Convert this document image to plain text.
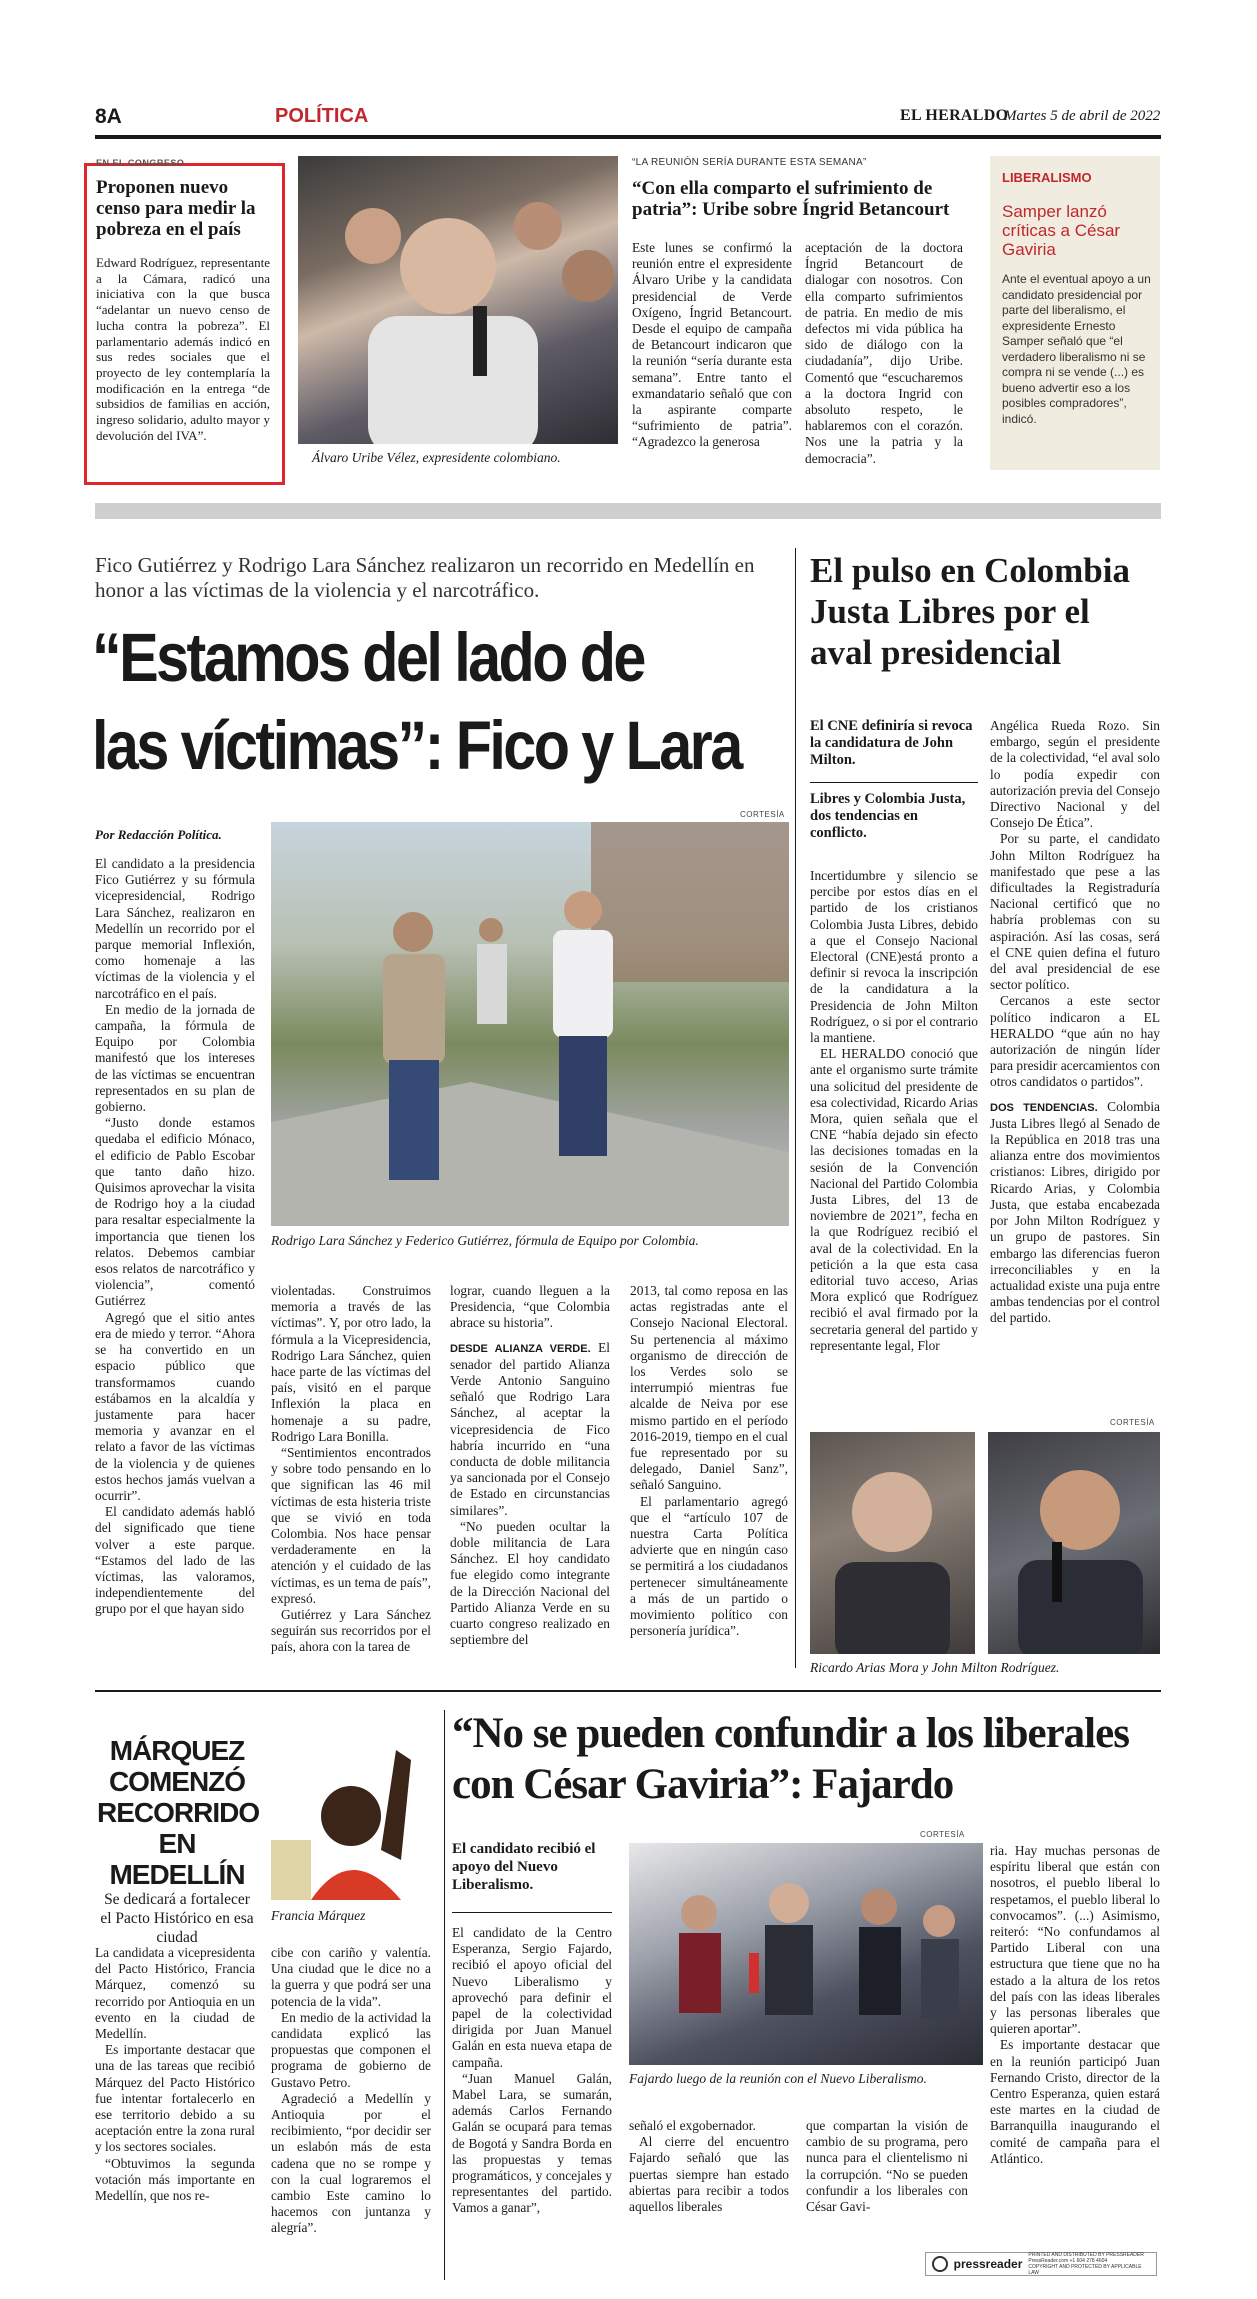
8A	POLÍTICA	EL HERALDO
Martes 5 de abril de 2022
EN EL CONGRESO
Proponen nuevo censo para medir la pobreza en el país
Edward Rodríguez, representante a la Cámara, radicó una iniciativa con la que busca “adelantar un nuevo censo de lucha contra la pobreza”. El parlamentario además indicó en sus redes sociales que el proyecto de ley contemplaría la modificación en la entrega “de subsidios de familias en acción, ingreso solidario, adulto mayor y devolución del IVA”.
Álvaro Uribe Vélez, expresidente colombiano.
“LA REUNIÓN SERÍA DURANTE ESTA SEMANA”
“Con ella comparto el sufrimiento de patria”: Uribe sobre Íngrid Betancourt
Este lunes se confirmó la reunión entre el expresidente Álvaro Uribe y la candidata presidencial de Verde Oxígeno, Íngrid Betancourt. Desde el equipo de campaña de Betancourt indicaron que la reunión “sería durante esta semana”. Entre tanto el exmandatario señaló que con la aspirante comparte “sufrimiento de patria”. “Agradezco la generosa
aceptación de la doctora Íngrid Betancourt de dialogar con nosotros. Con ella comparto sufrimientos de patria. En medio de mis defectos mi vida pública ha sido de diálogo con la ciudadanía”, dijo Uribe. Comentó que “escucharemos a la doctora Ingrid con absoluto respeto, le hablaremos con el corazón. Nos une la patria y la democracia”.
LIBERALISMO
Samper lanzó críticas a César Gaviria
Ante el eventual apoyo a un candidato presidencial por parte del liberalismo, el expresidente Ernesto Samper señaló que “el verdadero liberalismo ni se compra ni se vende (...) es bueno advertir eso a los posibles compradores”, indicó.
Fico Gutiérrez y Rodrigo Lara Sánchez realizaron un recorrido en Medellín en honor a las víctimas de la violencia y el narcotráfico.
“Estamos del lado de
las víctimas”: Fico y Lara
Por Redacción Política.
CORTESÍA
Rodrigo Lara Sánchez y Federico Gutiérrez, fórmula de Equipo por Colombia.

El candidato a la presidencia Fico Gutiérrez y su fórmula vicepresidencial, Rodrigo Lara Sánchez, realizaron en Medellín un recorrido por el parque memorial Inflexión, como homenaje a las víctimas de la violencia y el narcotráfico en el país.

En medio de la jornada de campaña, la fórmula de Equipo por Colombia manifestó que los intereses de las víctimas se encuentran representados en su plan de gobierno.

“Justo donde estamos quedaba el edificio Mónaco, el edificio de Pablo Escobar que tanto daño hizo. Quisimos aprovechar la visita de Rodrigo hoy a la ciudad para resaltar especialmente la importancia que tienen los relatos. Debemos cambiar esos relatos de narcotráfico y violencia”, comentó Gutiérrez

Agregó que el sitio antes era de miedo y terror. “Ahora se ha convertido en un espacio público que transformamos cuando estábamos en la alcaldía y justamente para hacer memoria y avanzar en el relato a favor de las víctimas de la violencia y de quienes estos hechos jamás vuelvan a ocurrir”.

El candidato además habló del significado que tiene volver a este parque. “Estamos del lado de las víctimas, las valoramos, independientemente del grupo por el que hayan sido

violentadas. Construimos memoria a través de las víctimas”. Y, por otro lado, la fórmula a la Vicepresidencia, Rodrigo Lara Sánchez, quien hace parte de las víctimas del país, visitó en el parque Inflexión la placa en homenaje a su padre, Rodrigo Lara Bonilla.

“Sentimientos encontrados y sobre todo pensando en lo que significan las 46 mil víctimas de esta histeria triste que se vivió en toda Colombia. Nos hace pensar verdaderamente en la atención y el cuidado de las víctimas, es un tema de país”, expresó.

Gutiérrez y Lara Sánchez seguirán sus recorridos por el país, ahora con la tarea de

lograr, cuando lleguen a la Presidencia, “que Colombia abrace su historia”.

DESDE ALIANZA VERDE. El senador del partido Alianza Verde Antonio Sanguino señaló que Rodrigo Lara Sánchez, al aceptar la vicepresidencia de Fico habría incurrido en “una conducta de doble militancia ya sancionada por el Consejo de Estado en circunstancias similares”.

“No pueden ocultar la doble militancia de Lara Sánchez. El hoy candidato fue elegido como integrante de la Dirección Nacional del Partido Alianza Verde en su cuarto congreso realizado en septiembre del

2013, tal como reposa en las actas registradas ante el Consejo Nacional Electoral. Su pertenencia al máximo organismo de dirección de los Verdes solo se interrumpió mientras fue alcalde de Neiva por ese mismo partido en el período 2016-2019, tiempo en el cual fue representado por su delegado, Daniel Sanz”, señaló Sanguino.

El parlamentario agregó que el “artículo 107 de nuestra Carta Política advierte que en ningún caso se permitirá a los ciudadanos pertenecer simultáneamente a más de un partido o movimiento político con personería jurídica”.

El pulso en Colombia Justa Libres por el aval presidencial
El CNE definiría si revoca la candidatura de John Milton.
Libres y Colombia Justa, dos tendencias en conflicto.

Incertidumbre y silencio se percibe por estos días en el partido de los cristianos Colombia Justa Libres, debido a que el Consejo Nacional Electoral (CNE)está pronto a definir si revoca la inscripción de la candidatura a la Presidencia de John Milton Rodríguez, o si por el contrario la mantiene.

EL HERALDO conoció que ante el organismo surte trámite una solicitud del presidente de esa colectividad, Ricardo Arias Mora, quien señala que el CNE “había dejado sin efecto las decisiones tomadas en la sesión de la Convención Nacional del Partido Colombia Justa Libres, del 13 de noviembre de 2021”, fecha en la que Rodríguez recibió el aval de la colectividad. En la petición a la que esta casa editorial tuvo acceso, Arias Mora explicó que Rodríguez recibió el aval firmado por la secretaria general del partido y representante legal, Flor

Angélica Rueda Rozo. Sin embargo, según el presidente de la colectividad, “el aval solo lo podía expedir con autorización previa del Consejo Directivo Nacional y del Consejo De Ética”.

Por su parte, el candidato John Milton Rodríguez ha manifestado que pese a las dificultades la Registraduría Nacional certificó que no habría problemas con su aspiración. Así las cosas, será el CNE quien defina el futuro del aval presidencial de ese sector político.

Cercanos a este sector político indicaron a EL HERALDO “que aún no hay autorización de ningún líder para presidir acercamientos con otros candidatos o partidos”.

DOS TENDENCIAS. Colombia Justa Libres llegó al Senado de la República en 2018 tras una alianza entre dos movimientos cristianos: Libres, dirigido por Ricardo Arias, y Colombia Justa, que estaba encabezada por John Milton Rodríguez y un grupo de pastores. Sin embargo las diferencias fueron irreconciliables y en la actualidad existe una puja entre ambas tendencias por el control del partido.

CORTESÍA
Ricardo Arias Mora y John Milton Rodríguez.
MÁRQUEZ COMENZÓ RECORRIDO EN MEDELLÍN
Se dedicará a fortalecer el Pacto Histórico en esa ciudad
Francia Márquez

La candidata a vicepresidenta del Pacto Histórico, Francia Márquez, comenzó su recorrido por Antioquia en un evento en la ciudad de Medellín.

Es importante destacar que una de las tareas que recibió Márquez del Pacto Histórico fue intentar fortalecerlo en ese territorio debido a su aceptación entre la zona rural y los sectores sociales.

“Obtuvimos la segunda votación más importante en Medellín, que nos re-

cibe con cariño y valentía. Una ciudad que le dice no a la guerra y que podrá ser una potencia de la vida”.

En medio de la actividad la candidata explicó las propuestas que componen el programa de gobierno de Gustavo Petro.

Agradeció a Medellín y Antioquia por el recibimiento, “por decidir ser un eslabón más de esta cadena que no se rompe y con la cual lograremos el cambio Este camino lo hacemos con juntanza y alegría”.

“No se pueden confundir a los liberales con César Gaviria”: Fajardo
El candidato recibió el apoyo del Nuevo Liberalismo.
CORTESÍA
Fajardo luego de la reunión con el Nuevo Liberalismo.

El candidato de la Centro Esperanza, Sergio Fajardo, recibió el apoyo oficial del Nuevo Liberalismo y aprovechó para definir el papel de la colectividad dirigida por Juan Manuel Galán en esta nueva etapa de campaña.

“Juan Manuel Galán, Mabel Lara, se sumarán, además Carlos Fernando Galán se ocupará para temas de Bogotá y Sandra Borda en las propuestas y temas programáticos, y concejales y representantes del partido. Vamos a ganar”,

señaló el exgobernador.

Al cierre del encuentro Fajardo señaló que las puertas siempre han estado abiertas para recibir a todos aquellos liberales

que compartan la visión de cambio de su programa, pero nunca para el clientelismo ni la corrupción. “No se pueden confundir a los liberales con César Gavi-

ria. Hay muchas personas de espíritu liberal que están con nosotros, el pueblo liberal lo respetamos, el pueblo liberal lo convocamos”. (...) Asimismo, reiteró: “No confundamos al Partido Liberal con una estructura que tiene que no ha estado a la altura de los retos del país con las ideas liberales y las personas liberales que quieren aportar”.

Es importante destacar que en la reunión participó Juan Fernando Cristo, director de la Centro Esperanza, quien estará este martes en la ciudad de Barranquilla inaugurando el comité de campaña para el Atlántico.

pressreader
PRINTED AND DISTRIBUTED BY PRESSREADER
PressReader.com +1 604 278 4604
COPYRIGHT AND PROTECTED BY APPLICABLE LAW
